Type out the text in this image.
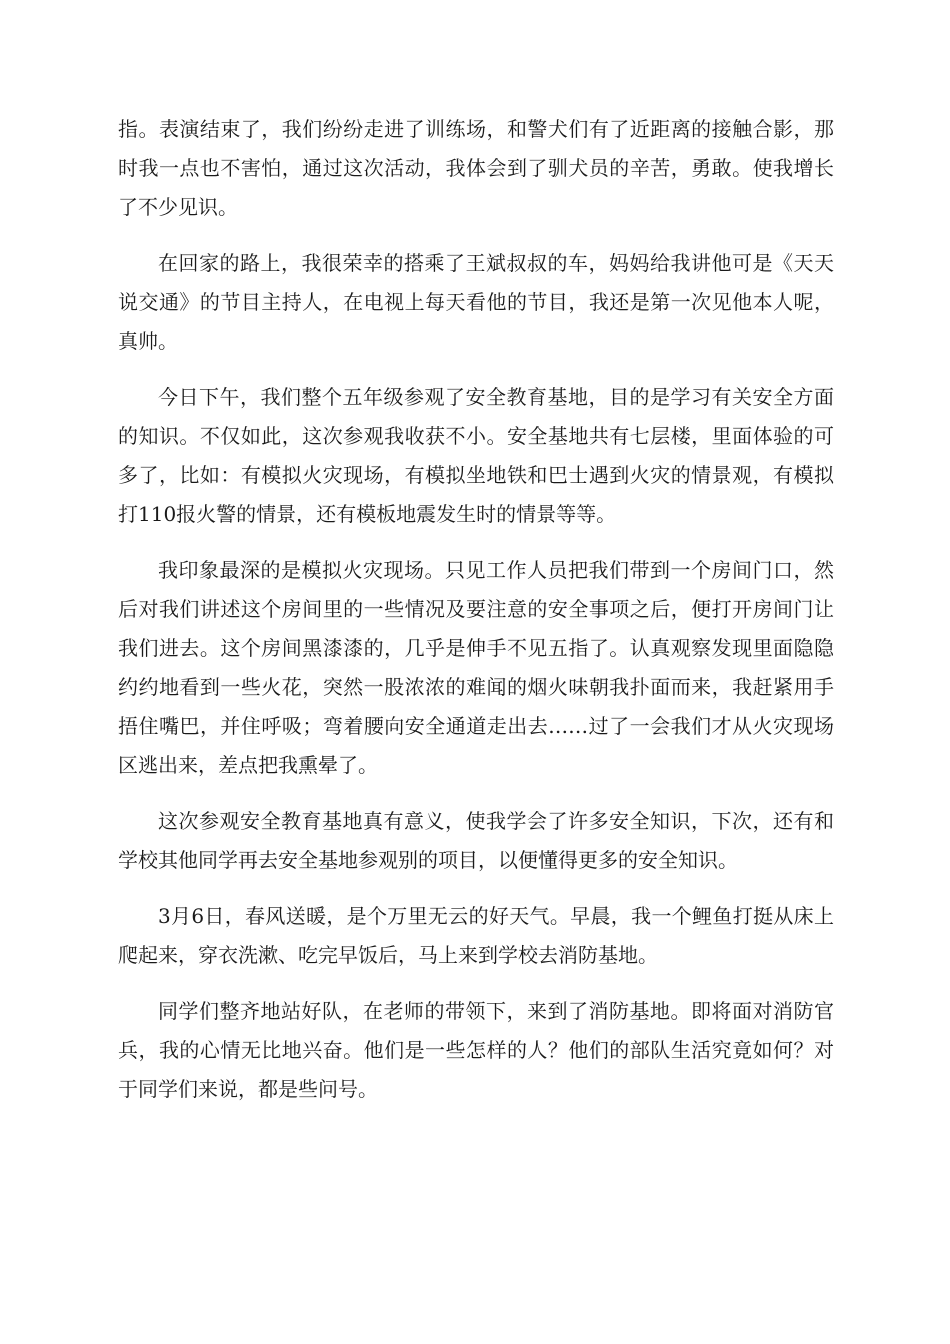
指。表演结束了，我们纷纷走进了训练场，和警犬们有了近距离的接触合影，那时我一点也不害怕，通过这次活动，我体会到了驯犬员的辛苦，勇敢。使我增长了不少见识。

在回家的路上，我很荣幸的搭乘了王斌叔叔的车，妈妈给我讲他可是《天天说交通》的节目主持人，在电视上每天看他的节目，我还是第一次见他本人呢，真帅。

今日下午，我们整个五年级参观了安全教育基地，目的是学习有关安全方面的知识。不仅如此，这次参观我收获不小。安全基地共有七层楼，里面体验的可多了，比如：有模拟火灾现场，有模拟坐地铁和巴士遇到火灾的情景观，有模拟打110报火警的情景，还有模板地震发生时的情景等等。

我印象最深的是模拟火灾现场。只见工作人员把我们带到一个房间门口，然后对我们讲述这个房间里的一些情况及要注意的安全事项之后，便打开房间门让我们进去。这个房间黑漆漆的，几乎是伸手不见五指了。认真观察发现里面隐隐约约地看到一些火花，突然一股浓浓的难闻的烟火味朝我扑面而来，我赶紧用手捂住嘴巴，并住呼吸；弯着腰向安全通道走出去……过了一会我们才从火灾现场区逃出来，差点把我熏晕了。

这次参观安全教育基地真有意义，使我学会了许多安全知识，下次，还有和学校其他同学再去安全基地参观别的项目，以便懂得更多的安全知识。

3月6日，春风送暖，是个万里无云的好天气。早晨，我一个鲤鱼打挺从床上爬起来，穿衣洗漱、吃完早饭后，马上来到学校去消防基地。

同学们整齐地站好队，在老师的带领下，来到了消防基地。即将面对消防官兵，我的心情无比地兴奋。他们是一些怎样的人？他们的部队生活究竟如何？对于同学们来说，都是些问号。
